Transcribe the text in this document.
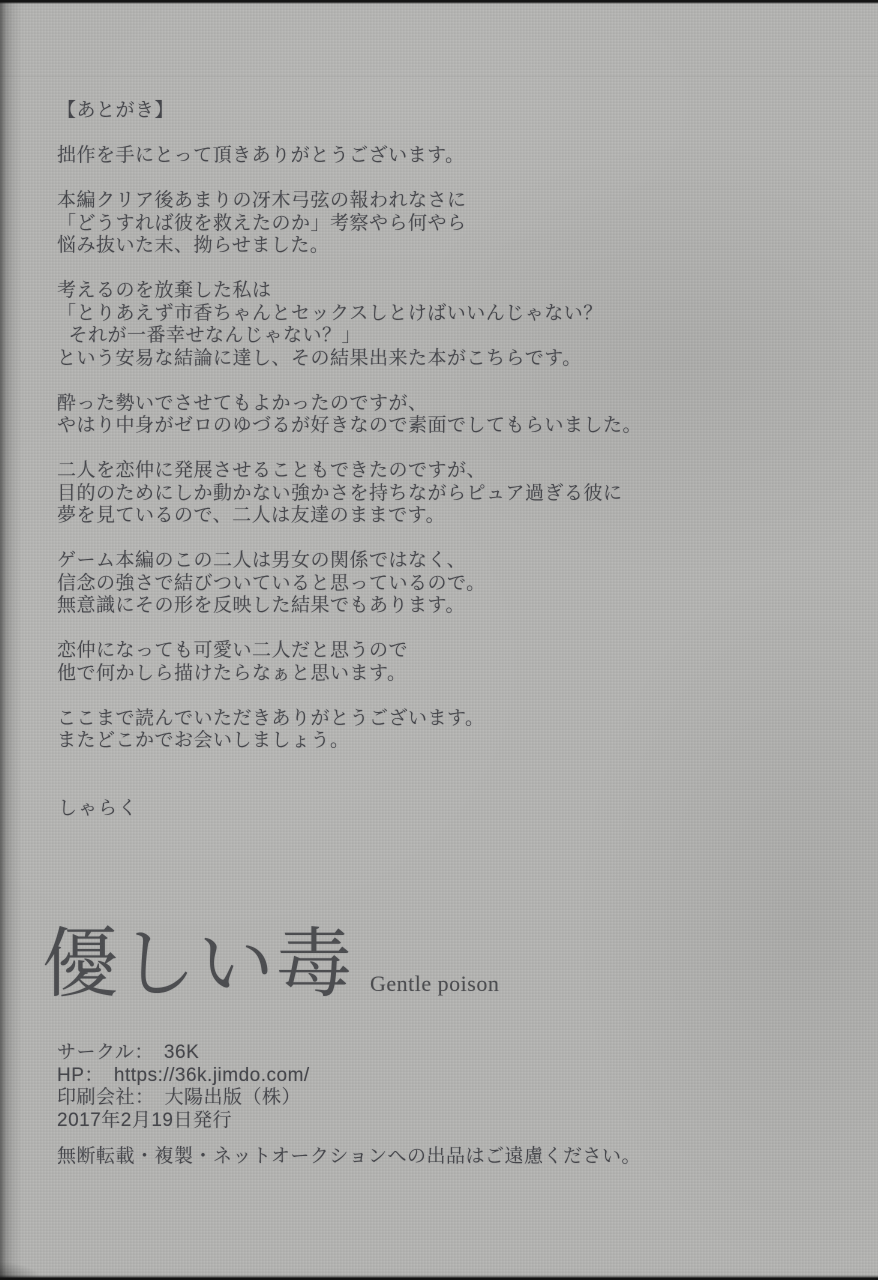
【あとがき】
拙作を手にとって頂きありがとうございます。
本編クリア後あまりの冴木弓弦の報われなさに
「どうすれば彼を救えたのか」考察やら何やら
悩み抜いた末、拗らせました。
考えるのを放棄した私は
「とりあえず市香ちゃんとセックスしとけばいいんじゃない？
それが一番幸せなんじゃない？」
という安易な結論に達し、その結果出来た本がこちらです。
酔った勢いでさせてもよかったのですが、
やはり中身がゼロのゆづるが好きなので素面でしてもらいました。
二人を恋仲に発展させることもできたのですが、
目的のためにしか動かない強かさを持ちながらピュア過ぎる彼に
夢を見ているので、二人は友達のままです。
ゲーム本編のこの二人は男女の関係ではなく、
信念の強さで結びついていると思っているので。
無意識にその形を反映した結果でもあります。
恋仲になっても可愛い二人だと思うので
他で何かしら描けたらなぁと思います。
ここまで読んでいただきありがとうございます。
またどこかでお会いしましょう。
しゃらく
優しい毒 Gentle poison
サークル：　36K
HP：　https://36k.jimdo.com/
印刷会社：　大陽出版（株）
2017年2月19日発行
無断転載・複製・ネットオークションへの出品はご遠慮ください。
